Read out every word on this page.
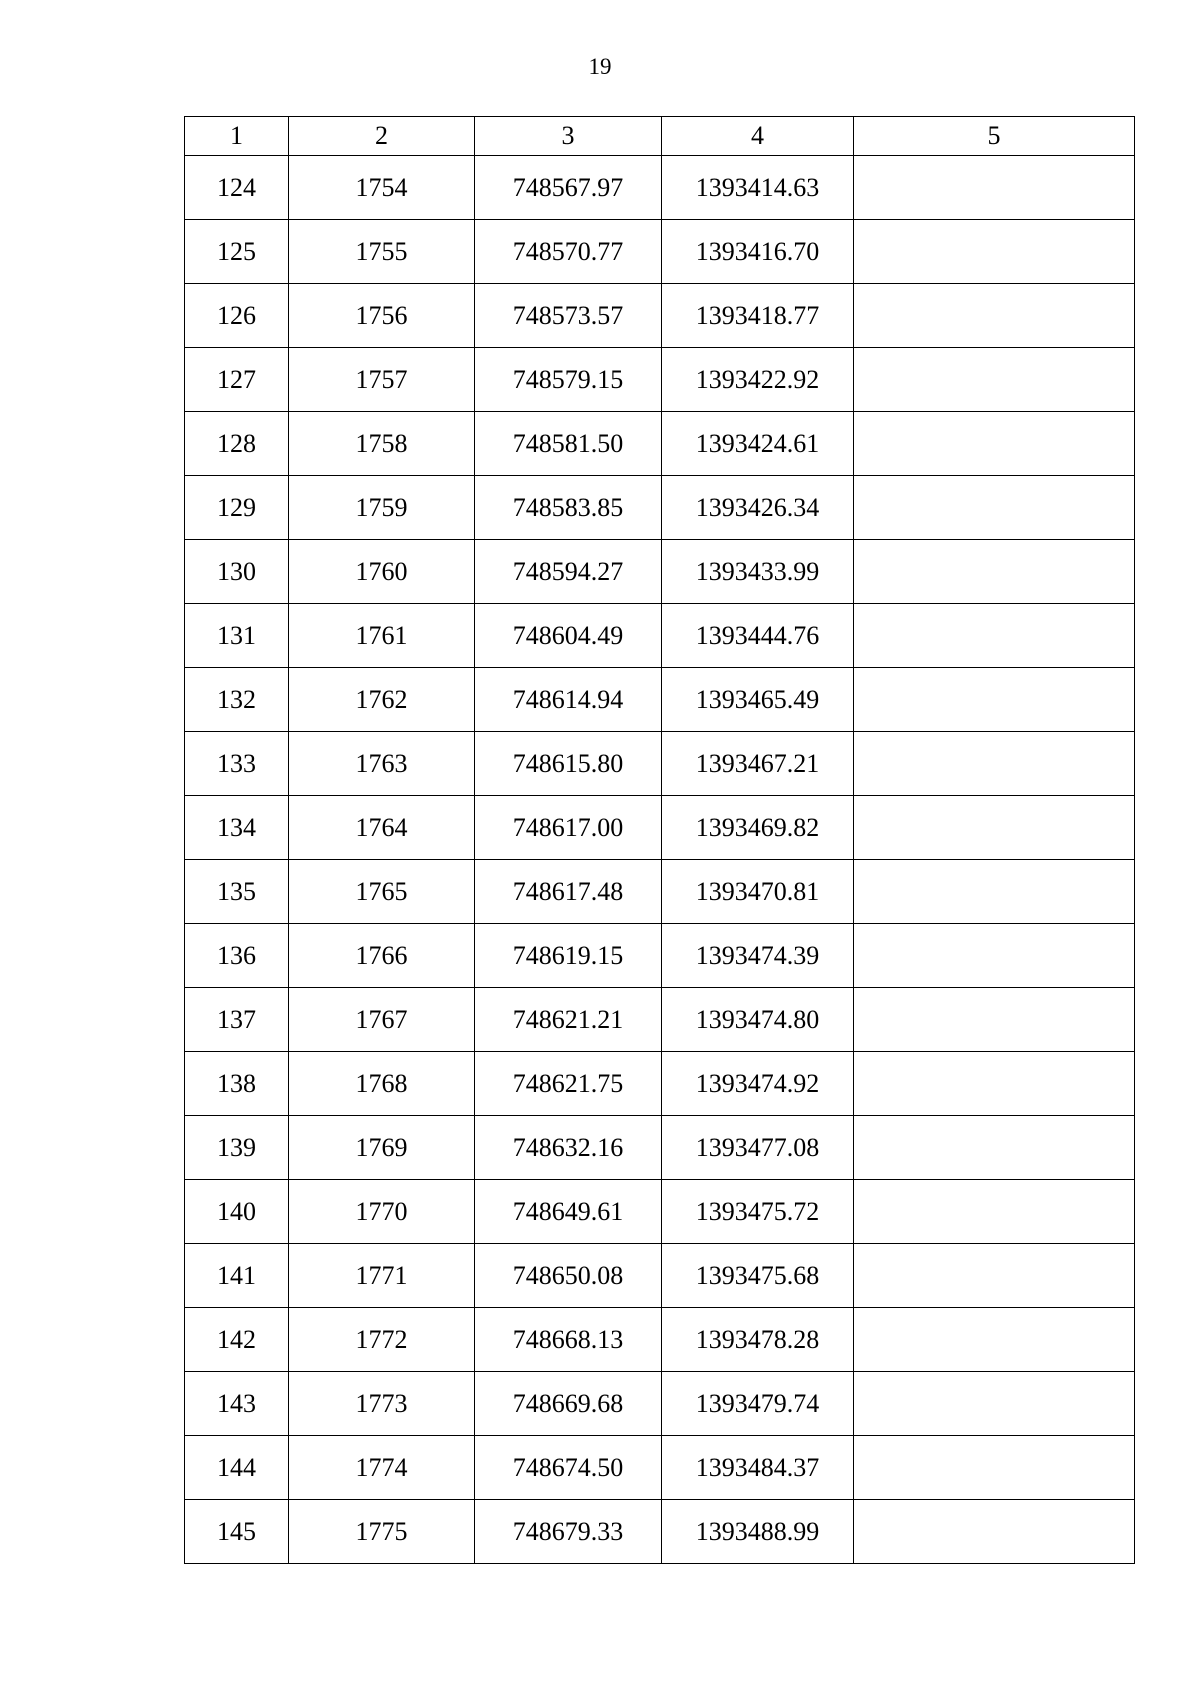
19
1	2	3	4	5
124	1754	748567.97	1393414.63	
125	1755	748570.77	1393416.70	
126	1756	748573.57	1393418.77	
127	1757	748579.15	1393422.92	
128	1758	748581.50	1393424.61	
129	1759	748583.85	1393426.34	
130	1760	748594.27	1393433.99	
131	1761	748604.49	1393444.76	
132	1762	748614.94	1393465.49	
133	1763	748615.80	1393467.21	
134	1764	748617.00	1393469.82	
135	1765	748617.48	1393470.81	
136	1766	748619.15	1393474.39	
137	1767	748621.21	1393474.80	
138	1768	748621.75	1393474.92	
139	1769	748632.16	1393477.08	
140	1770	748649.61	1393475.72	
141	1771	748650.08	1393475.68	
142	1772	748668.13	1393478.28	
143	1773	748669.68	1393479.74	
144	1774	748674.50	1393484.37	
145	1775	748679.33	1393488.99	
